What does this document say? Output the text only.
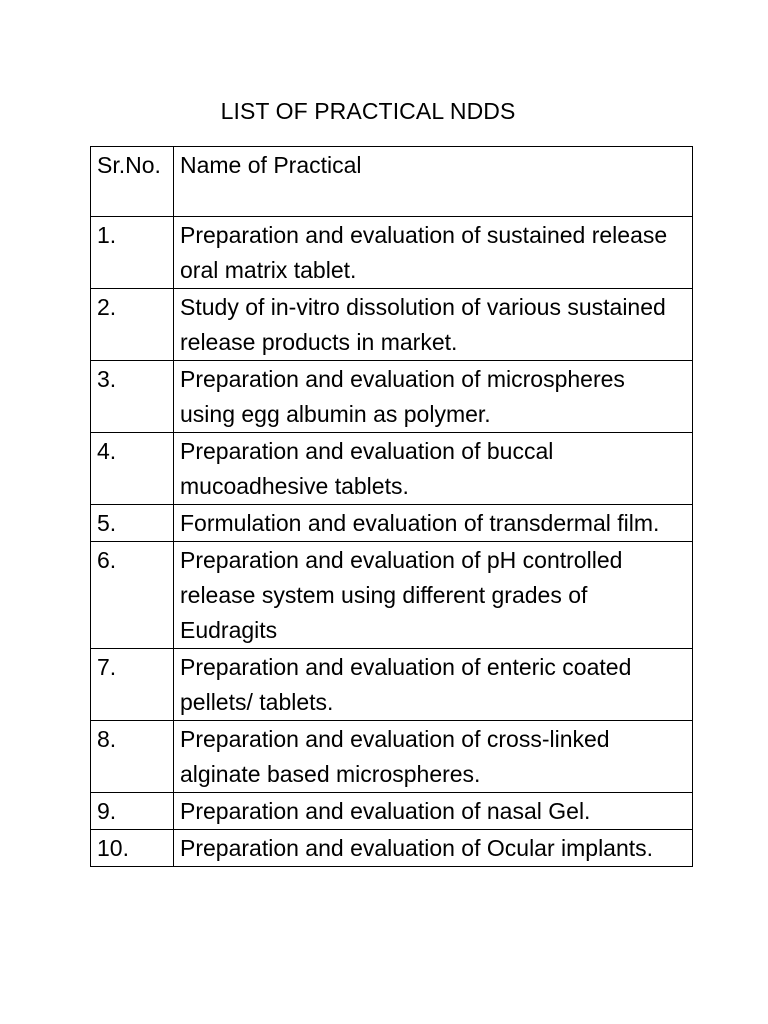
LIST OF PRACTICAL NDDS
Sr.No.	Name of Practical
1.	Preparation and evaluation of sustained release oral matrix tablet.
2.	Study of in-vitro dissolution of various sustained release products in market.
3.	Preparation and evaluation of microspheres using egg albumin as polymer.
4.	Preparation and evaluation of buccal mucoadhesive tablets.
5.	Formulation and evaluation of transdermal film.
6.	Preparation and evaluation of pH controlled release system using different grades of Eudragits
7.	Preparation and evaluation of enteric coated pellets/ tablets.
8.	Preparation and evaluation of cross-linked alginate based microspheres.
9.	Preparation and evaluation of nasal Gel.
10.	Preparation and evaluation of Ocular implants.
